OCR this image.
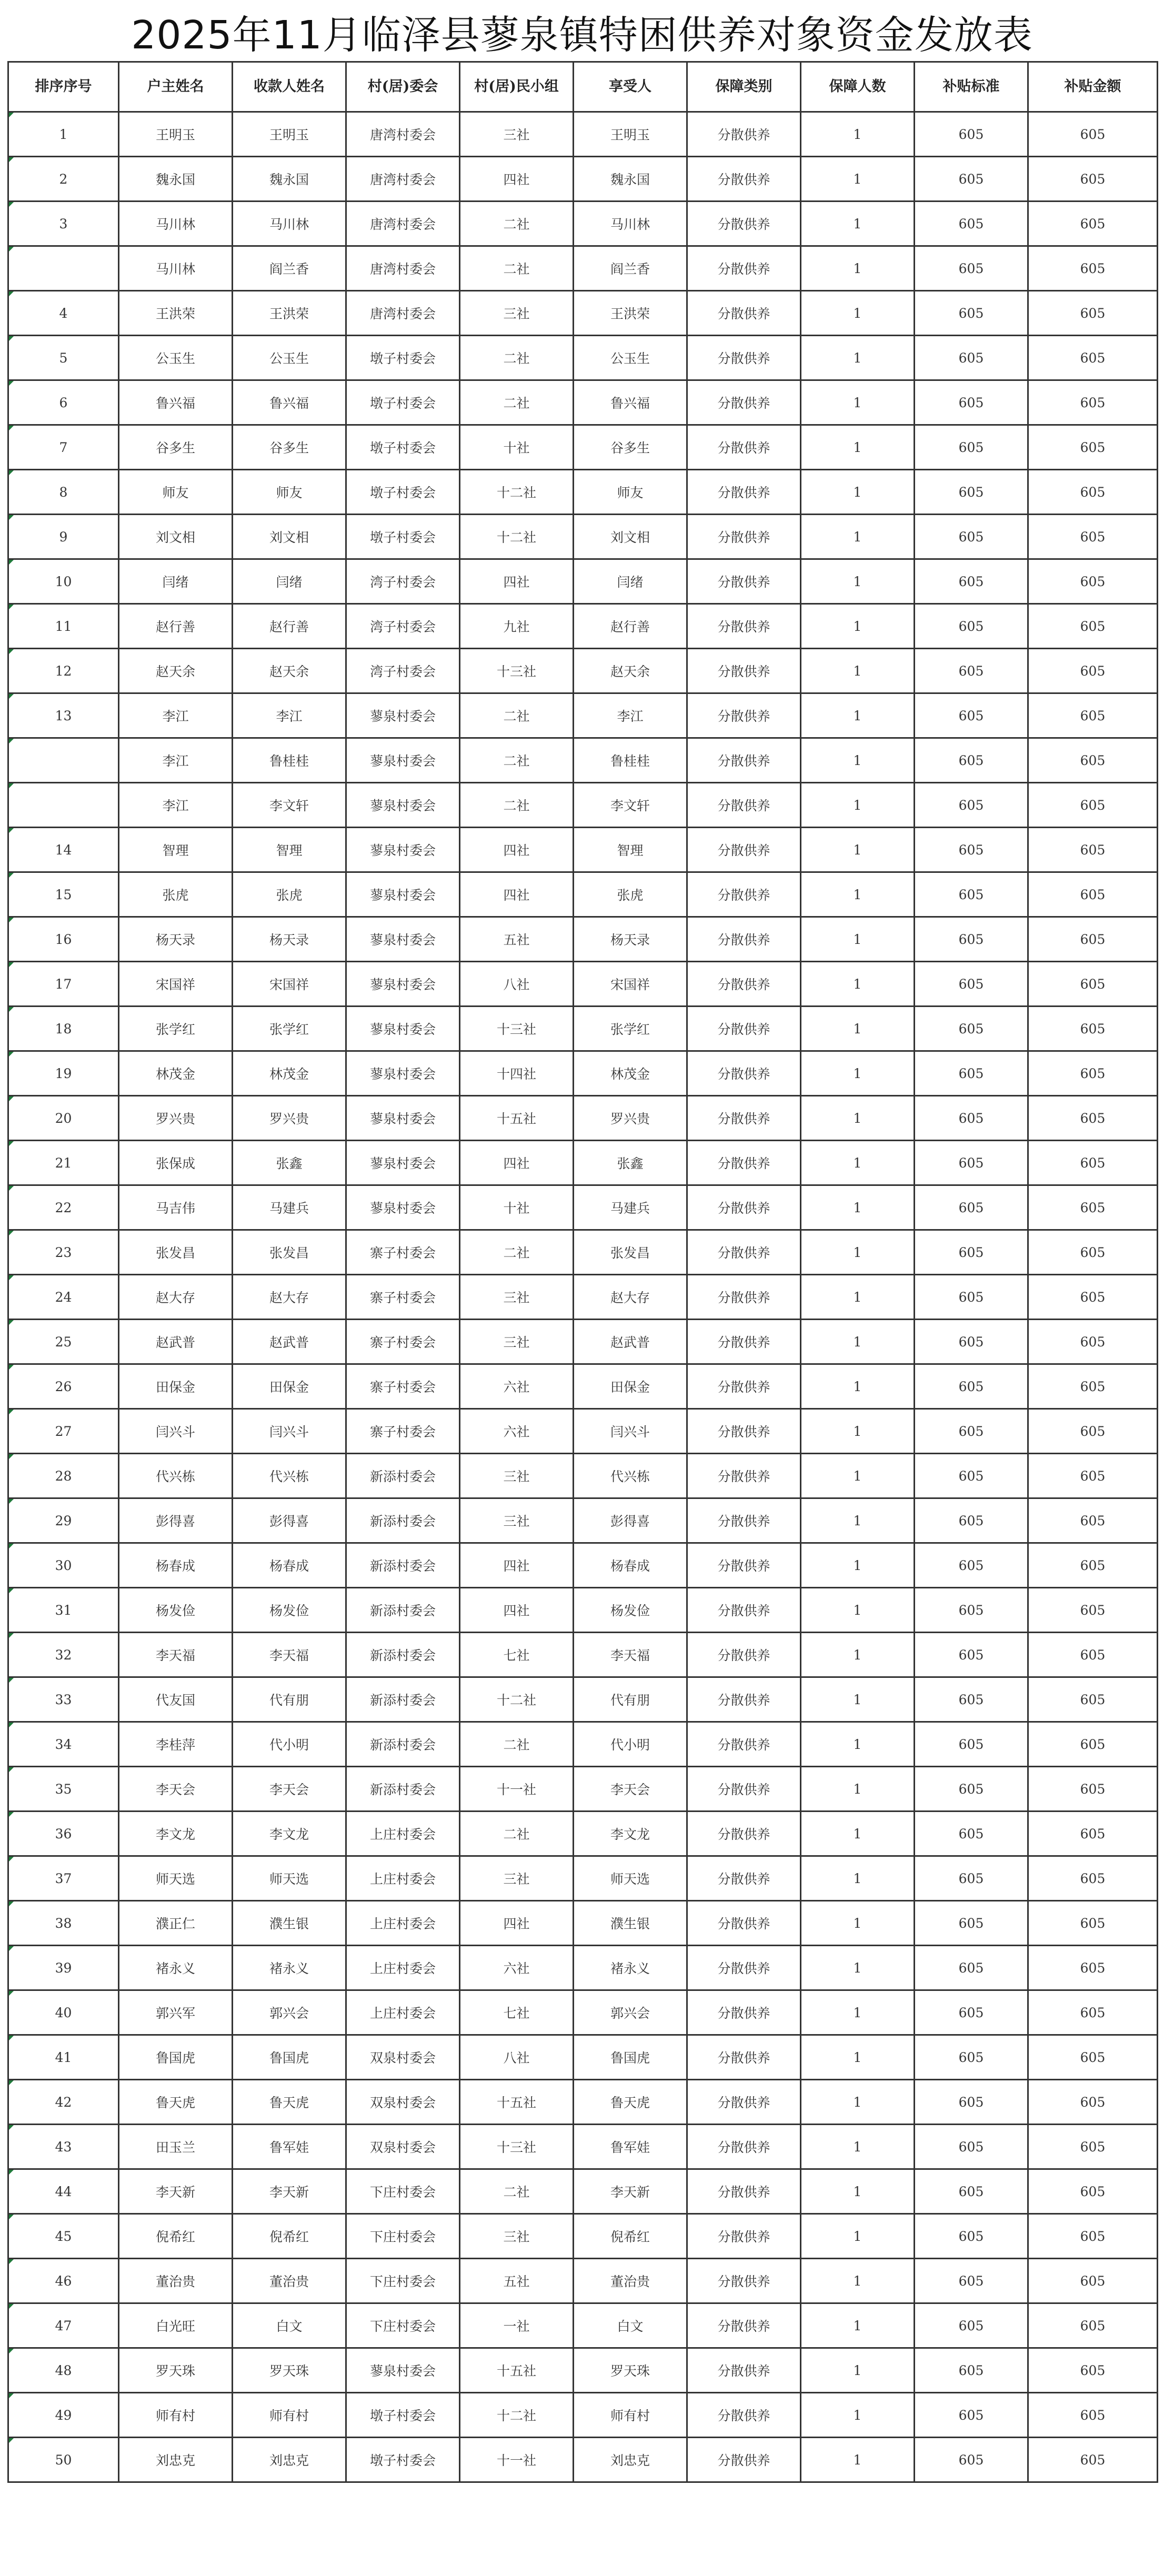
2025年11月临泽县蓼泉镇特困供养对象资金发放表
排序序号	户主姓名	收款人姓名	村(居)委会	村(居)民小组	享受人	保障类别	保障人数	补贴标准	补贴金额

1	王明玉	王明玉	唐湾村委会	三社	王明玉	分散供养	1	605	605

2	魏永国	魏永国	唐湾村委会	四社	魏永国	分散供养	1	605	605

3	马川林	马川林	唐湾村委会	二社	马川林	分散供养	1	605	605

	马川林	阎兰香	唐湾村委会	二社	阎兰香	分散供养	1	605	605

4	王洪荣	王洪荣	唐湾村委会	三社	王洪荣	分散供养	1	605	605

5	公玉生	公玉生	墩子村委会	二社	公玉生	分散供养	1	605	605

6	鲁兴福	鲁兴福	墩子村委会	二社	鲁兴福	分散供养	1	605	605

7	谷多生	谷多生	墩子村委会	十社	谷多生	分散供养	1	605	605

8	师友	师友	墩子村委会	十二社	师友	分散供养	1	605	605

9	刘文相	刘文相	墩子村委会	十二社	刘文相	分散供养	1	605	605

10	闫绪	闫绪	湾子村委会	四社	闫绪	分散供养	1	605	605

11	赵行善	赵行善	湾子村委会	九社	赵行善	分散供养	1	605	605

12	赵天余	赵天余	湾子村委会	十三社	赵天余	分散供养	1	605	605

13	李江	李江	蓼泉村委会	二社	李江	分散供养	1	605	605

	李江	鲁桂桂	蓼泉村委会	二社	鲁桂桂	分散供养	1	605	605

	李江	李文轩	蓼泉村委会	二社	李文轩	分散供养	1	605	605

14	智理	智理	蓼泉村委会	四社	智理	分散供养	1	605	605

15	张虎	张虎	蓼泉村委会	四社	张虎	分散供养	1	605	605

16	杨天录	杨天录	蓼泉村委会	五社	杨天录	分散供养	1	605	605

17	宋国祥	宋国祥	蓼泉村委会	八社	宋国祥	分散供养	1	605	605

18	张学红	张学红	蓼泉村委会	十三社	张学红	分散供养	1	605	605

19	林茂金	林茂金	蓼泉村委会	十四社	林茂金	分散供养	1	605	605

20	罗兴贵	罗兴贵	蓼泉村委会	十五社	罗兴贵	分散供养	1	605	605

21	张保成	张鑫	蓼泉村委会	四社	张鑫	分散供养	1	605	605

22	马吉伟	马建兵	蓼泉村委会	十社	马建兵	分散供养	1	605	605

23	张发昌	张发昌	寨子村委会	二社	张发昌	分散供养	1	605	605

24	赵大存	赵大存	寨子村委会	三社	赵大存	分散供养	1	605	605

25	赵武普	赵武普	寨子村委会	三社	赵武普	分散供养	1	605	605

26	田保金	田保金	寨子村委会	六社	田保金	分散供养	1	605	605

27	闫兴斗	闫兴斗	寨子村委会	六社	闫兴斗	分散供养	1	605	605

28	代兴栋	代兴栋	新添村委会	三社	代兴栋	分散供养	1	605	605

29	彭得喜	彭得喜	新添村委会	三社	彭得喜	分散供养	1	605	605

30	杨春成	杨春成	新添村委会	四社	杨春成	分散供养	1	605	605

31	杨发俭	杨发俭	新添村委会	四社	杨发俭	分散供养	1	605	605

32	李天福	李天福	新添村委会	七社	李天福	分散供养	1	605	605

33	代友国	代有朋	新添村委会	十二社	代有朋	分散供养	1	605	605

34	李桂萍	代小明	新添村委会	二社	代小明	分散供养	1	605	605

35	李天会	李天会	新添村委会	十一社	李天会	分散供养	1	605	605

36	李文龙	李文龙	上庄村委会	二社	李文龙	分散供养	1	605	605

37	师天选	师天选	上庄村委会	三社	师天选	分散供养	1	605	605

38	濮正仁	濮生银	上庄村委会	四社	濮生银	分散供养	1	605	605

39	褚永义	褚永义	上庄村委会	六社	褚永义	分散供养	1	605	605

40	郭兴军	郭兴会	上庄村委会	七社	郭兴会	分散供养	1	605	605

41	鲁国虎	鲁国虎	双泉村委会	八社	鲁国虎	分散供养	1	605	605

42	鲁天虎	鲁天虎	双泉村委会	十五社	鲁天虎	分散供养	1	605	605

43	田玉兰	鲁军娃	双泉村委会	十三社	鲁军娃	分散供养	1	605	605

44	李天新	李天新	下庄村委会	二社	李天新	分散供养	1	605	605

45	倪希红	倪希红	下庄村委会	三社	倪希红	分散供养	1	605	605

46	董治贵	董治贵	下庄村委会	五社	董治贵	分散供养	1	605	605

47	白光旺	白文	下庄村委会	一社	白文	分散供养	1	605	605

48	罗天珠	罗天珠	蓼泉村委会	十五社	罗天珠	分散供养	1	605	605

49	师有村	师有村	墩子村委会	十二社	师有村	分散供养	1	605	605

50	刘忠克	刘忠克	墩子村委会	十一社	刘忠克	分散供养	1	605	605
